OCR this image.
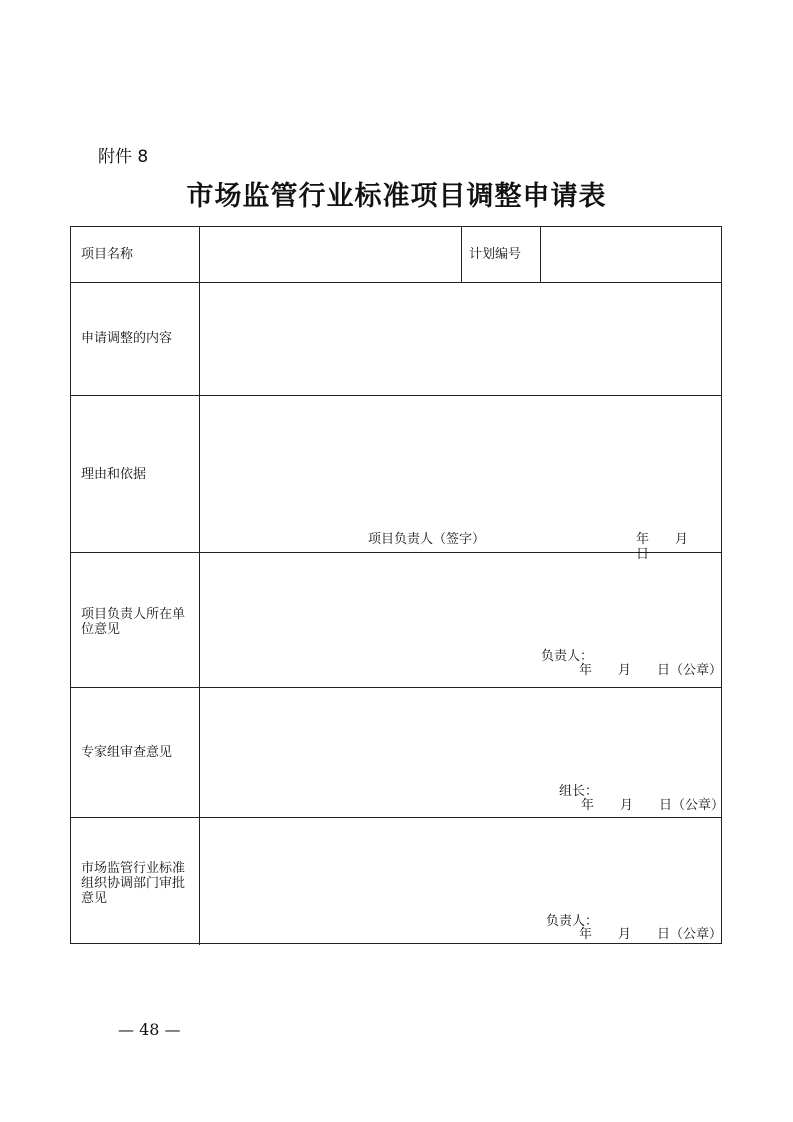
附件 8
市场监管行业标准项目调整申请表
项目名称	计划编号
申请调整的内容
理由和依据
项目负责人（签字）	年　　月　　日
项目负责人所在单位意见
负责人：
年　　月　　日（公章）
专家组审查意见
组长：
年　　月　　日（公章）
市场监管行业标准组织协调部门审批意见
负责人：
年　　月　　日（公章）
— 48 —
